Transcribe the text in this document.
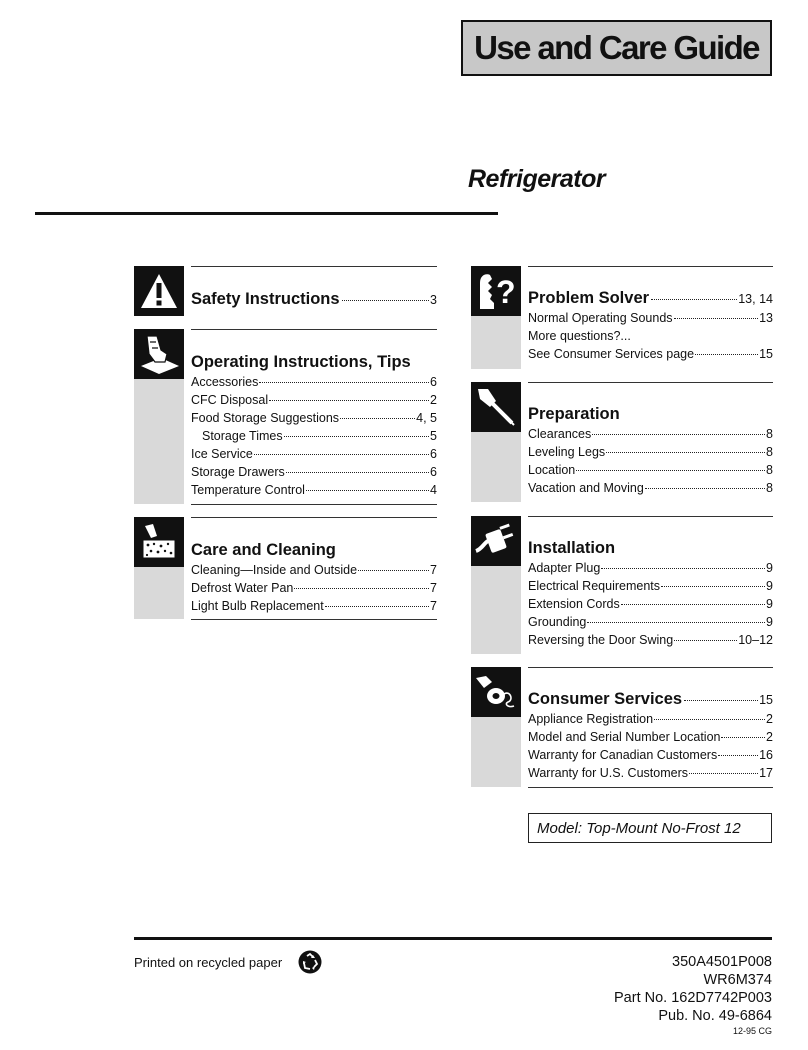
Use and Care Guide
Refrigerator
Safety Instructions	3
Operating Instructions, Tips
Accessories	6
CFC Disposal	2
Food Storage Suggestions	4, 5
Storage Times	5
Ice Service	6
Storage Drawers	6
Temperature Control	4
Care and Cleaning
Cleaning—Inside and Outside	7
Defrost Water Pan	7
Light Bulb Replacement	7
? Problem Solver	13, 14
Normal Operating Sounds	13
More questions?...
See Consumer Services page	15
Preparation
Clearances	8
Leveling Legs	8
Location	8
Vacation and Moving	8
Installation
Adapter Plug	9
Electrical Requirements	9
Extension Cords	9
Grounding	9
Reversing the Door Swing	10–12
Consumer Services	15
Appliance Registration	2
Model and Serial Number Location	2
Warranty for Canadian Customers	16
Warranty for U.S. Customers	17
Model: Top-Mount No-Frost 12
Printed on recycled paper	350A4501P008
WR6M374
Part No. 162D7742P003
Pub. No. 49-6864
12-95 CG
